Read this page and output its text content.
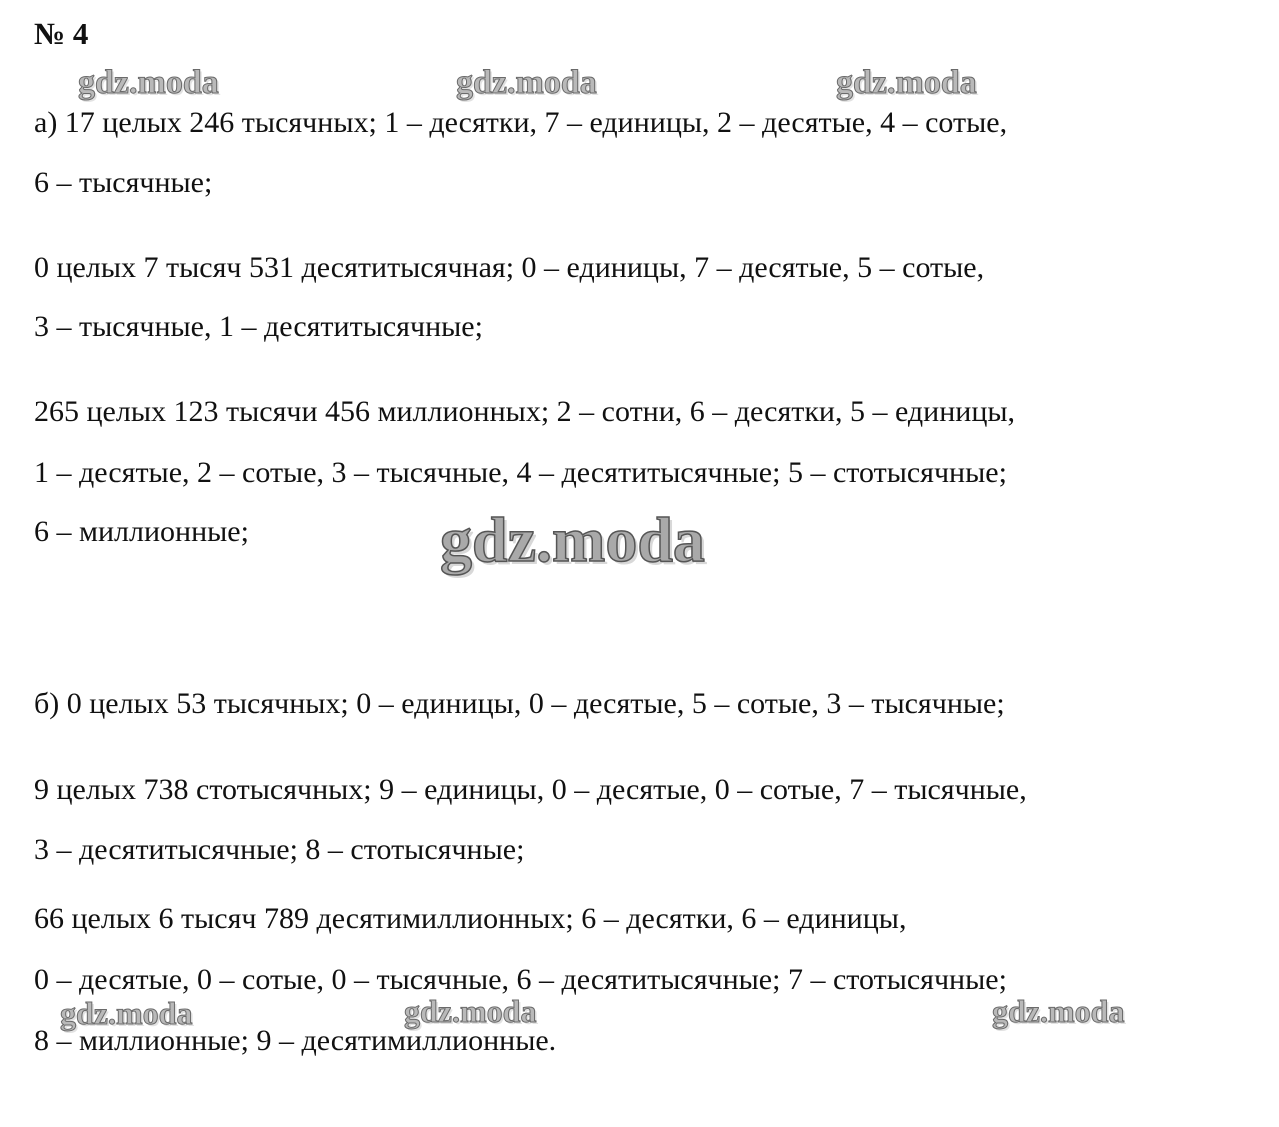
№ 4
а) 17 целых 246 тысячных; 1 – десятки, 7 – единицы, 2 – десятые, 4 – сотые,
6 – тысячные;
0 целых 7 тысяч 531 десятитысячная; 0 – единицы, 7 – десятые, 5 – сотые,
3 – тысячные, 1 – десятитысячные;
265 целых 123 тысячи 456 миллионных; 2 – сотни, 6 – десятки, 5 – единицы,
1 – десятые, 2 – сотые, 3 – тысячные, 4 – десятитысячные; 5 – стотысячные;
6 – миллионные;
б) 0 целых 53 тысячных; 0 – единицы, 0 – десятые, 5 – сотые, 3 – тысячные;
9 целых 738 стотысячных; 9 – единицы, 0 – десятые, 0 – сотые, 7 – тысячные,
3 – десятитысячные; 8 – стотысячные;
66 целых 6 тысяч 789 десятимиллионных; 6 – десятки, 6 – единицы,
0 – десятые, 0 – сотые, 0 – тысячные, 6 – десятитысячные; 7 – стотысячные;
8 – миллионные; 9 – десятимиллионные.
gdz.moda	gdz.moda	gdz.moda
gdz.moda
gdz.moda	gdz.moda	gdz.moda
